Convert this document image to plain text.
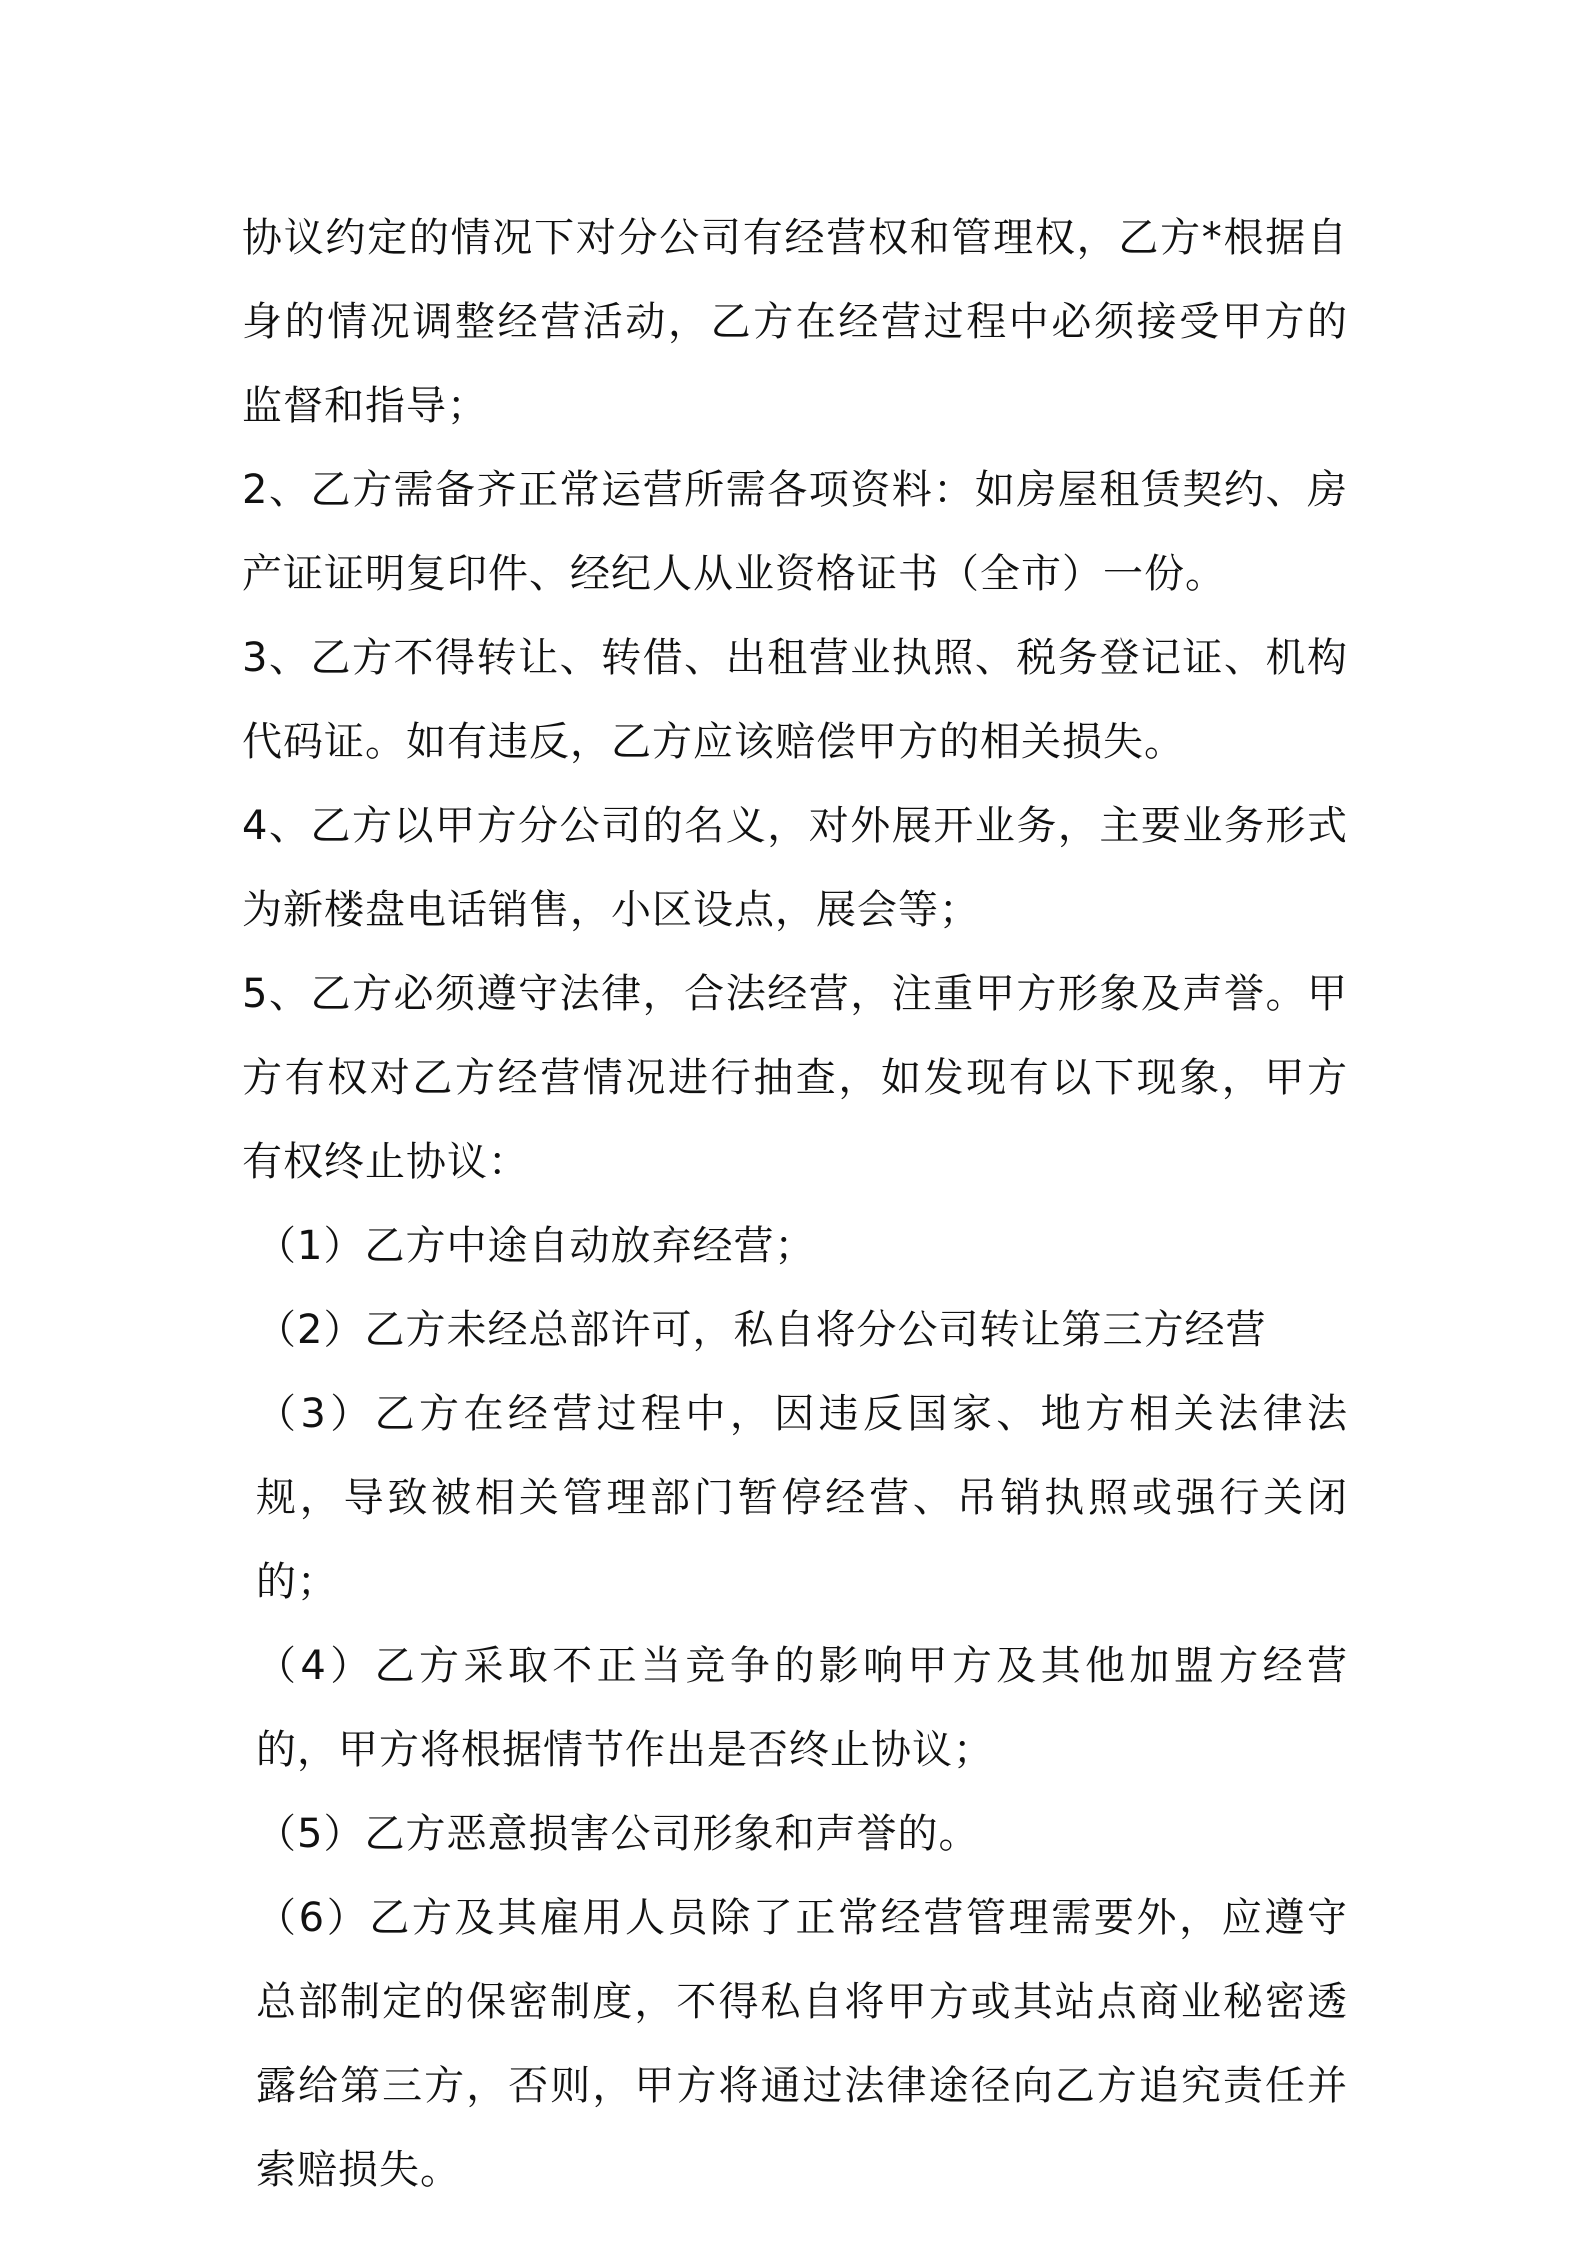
协议约定的情况下对分公司有经营权和管理权，乙方*根据自身的情况调整经营活动，乙方在经营过程中必须接受甲方的监督和指导；

2、乙方需备齐正常运营所需各项资料：如房屋租赁契约、房产证证明复印件、经纪人从业资格证书（全市）一份。

3、乙方不得转让、转借、出租营业执照、税务登记证、机构代码证。如有违反，乙方应该赔偿甲方的相关损失。

4、乙方以甲方分公司的名义，对外展开业务，主要业务形式为新楼盘电话销售，小区设点，展会等；

5、乙方必须遵守法律，合法经营，注重甲方形象及声誉。甲方有权对乙方经营情况进行抽查，如发现有以下现象，甲方有权终止协议：

（1）乙方中途自动放弃经营；

（2）乙方未经总部许可，私自将分公司转让第三方经营

（3）乙方在经营过程中，因违反国家、地方相关法律法规，导致被相关管理部门暂停经营、吊销执照或强行关闭的；

（4）乙方采取不正当竞争的影响甲方及其他加盟方经营的，甲方将根据情节作出是否终止协议；

（5）乙方恶意损害公司形象和声誉的。

（6）乙方及其雇用人员除了正常经营管理需要外，应遵守总部制定的保密制度，不得私自将甲方或其站点商业秘密透露给第三方，否则，甲方将通过法律途径向乙方追究责任并索赔损失。
